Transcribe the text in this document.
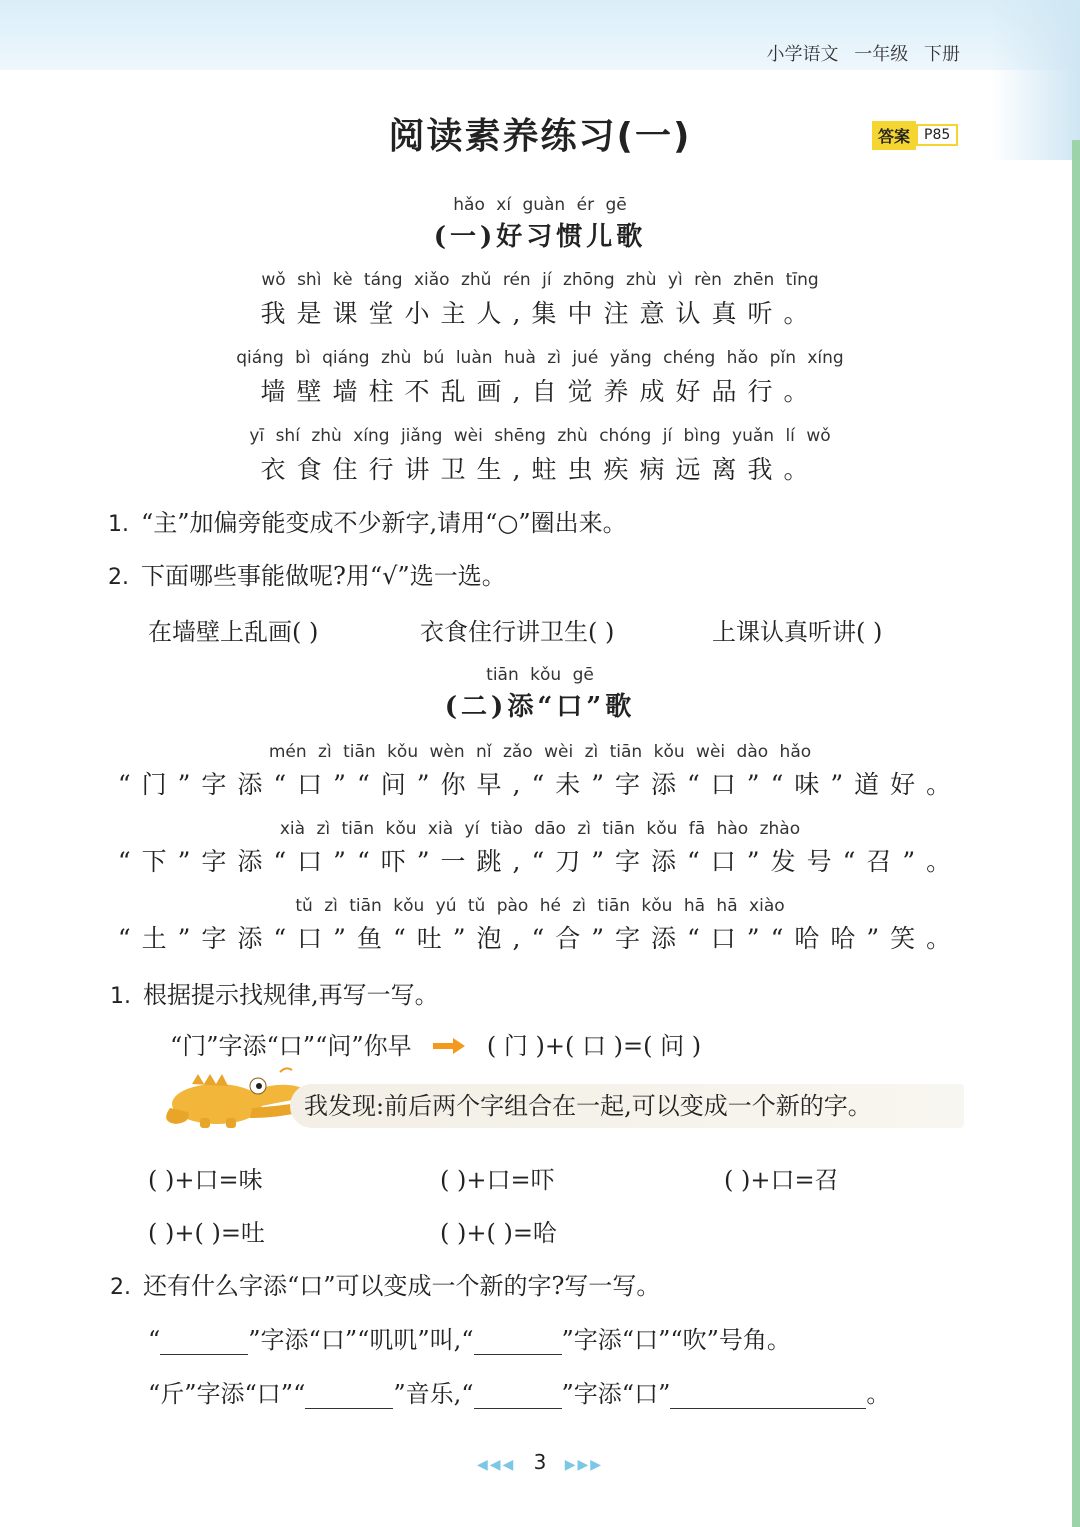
小学语文 一年级 下册
阅读素养练习(一)	答案	P85
hǎo xí guàn ér gē
(一)好习惯儿歌
wǒ shì kè táng xiǎo zhǔ rén jí zhōng zhù yì rèn zhēn tīng
我是课堂小主人,集中注意认真听。
qiáng bì qiáng zhù bú luàn huà zì jué yǎng chéng hǎo pǐn xíng
墙壁墙柱不乱画,自觉养成好品行。
yī shí zhù xíng jiǎng wèi shēng zhù chóng jí bìng yuǎn lí wǒ
衣食住行讲卫生,蛀虫疾病远离我。
1. “主”加偏旁能变成不少新字,请用“○”圈出来。
2. 下面哪些事能做呢?用“√”选一选。
在墙壁上乱画( )	衣食住行讲卫生( )	上课认真听讲( )
tiān kǒu gē
(二)添“口”歌
mén zì tiān kǒu wèn nǐ zǎo wèi zì tiān kǒu wèi dào hǎo
“门”字添“口”“问”你早,“未”字添“口”“味”道好。
xià zì tiān kǒu xià yí tiào dāo zì tiān kǒu fā hào zhào
“下”字添“口”“吓”一跳,“刀”字添“口”发号“召”。
tǔ zì tiān kǒu yú tǔ pào hé zì tiān kǒu hā hā xiào
“土”字添“口”鱼“吐”泡,“合”字添“口”“哈哈”笑。
1. 根据提示找规律,再写一写。
“门”字添“口”“问”你早	( 门 )+( 口 )=( 问 )
我发现:前后两个字组合在一起,可以变成一个新的字。
( )+口=味	( )+口=吓	( )+口=召
( )+( )=吐	( )+( )=哈
2. 还有什么字添“口”可以变成一个新的字?写一写。
“	”字添“口”“叽叽”叫,“	”字添“口”“吹”号角。
“斤”字添“口”“	”音乐,“	”字添“口”	。
◀◀◀ 3 ▶▶▶
